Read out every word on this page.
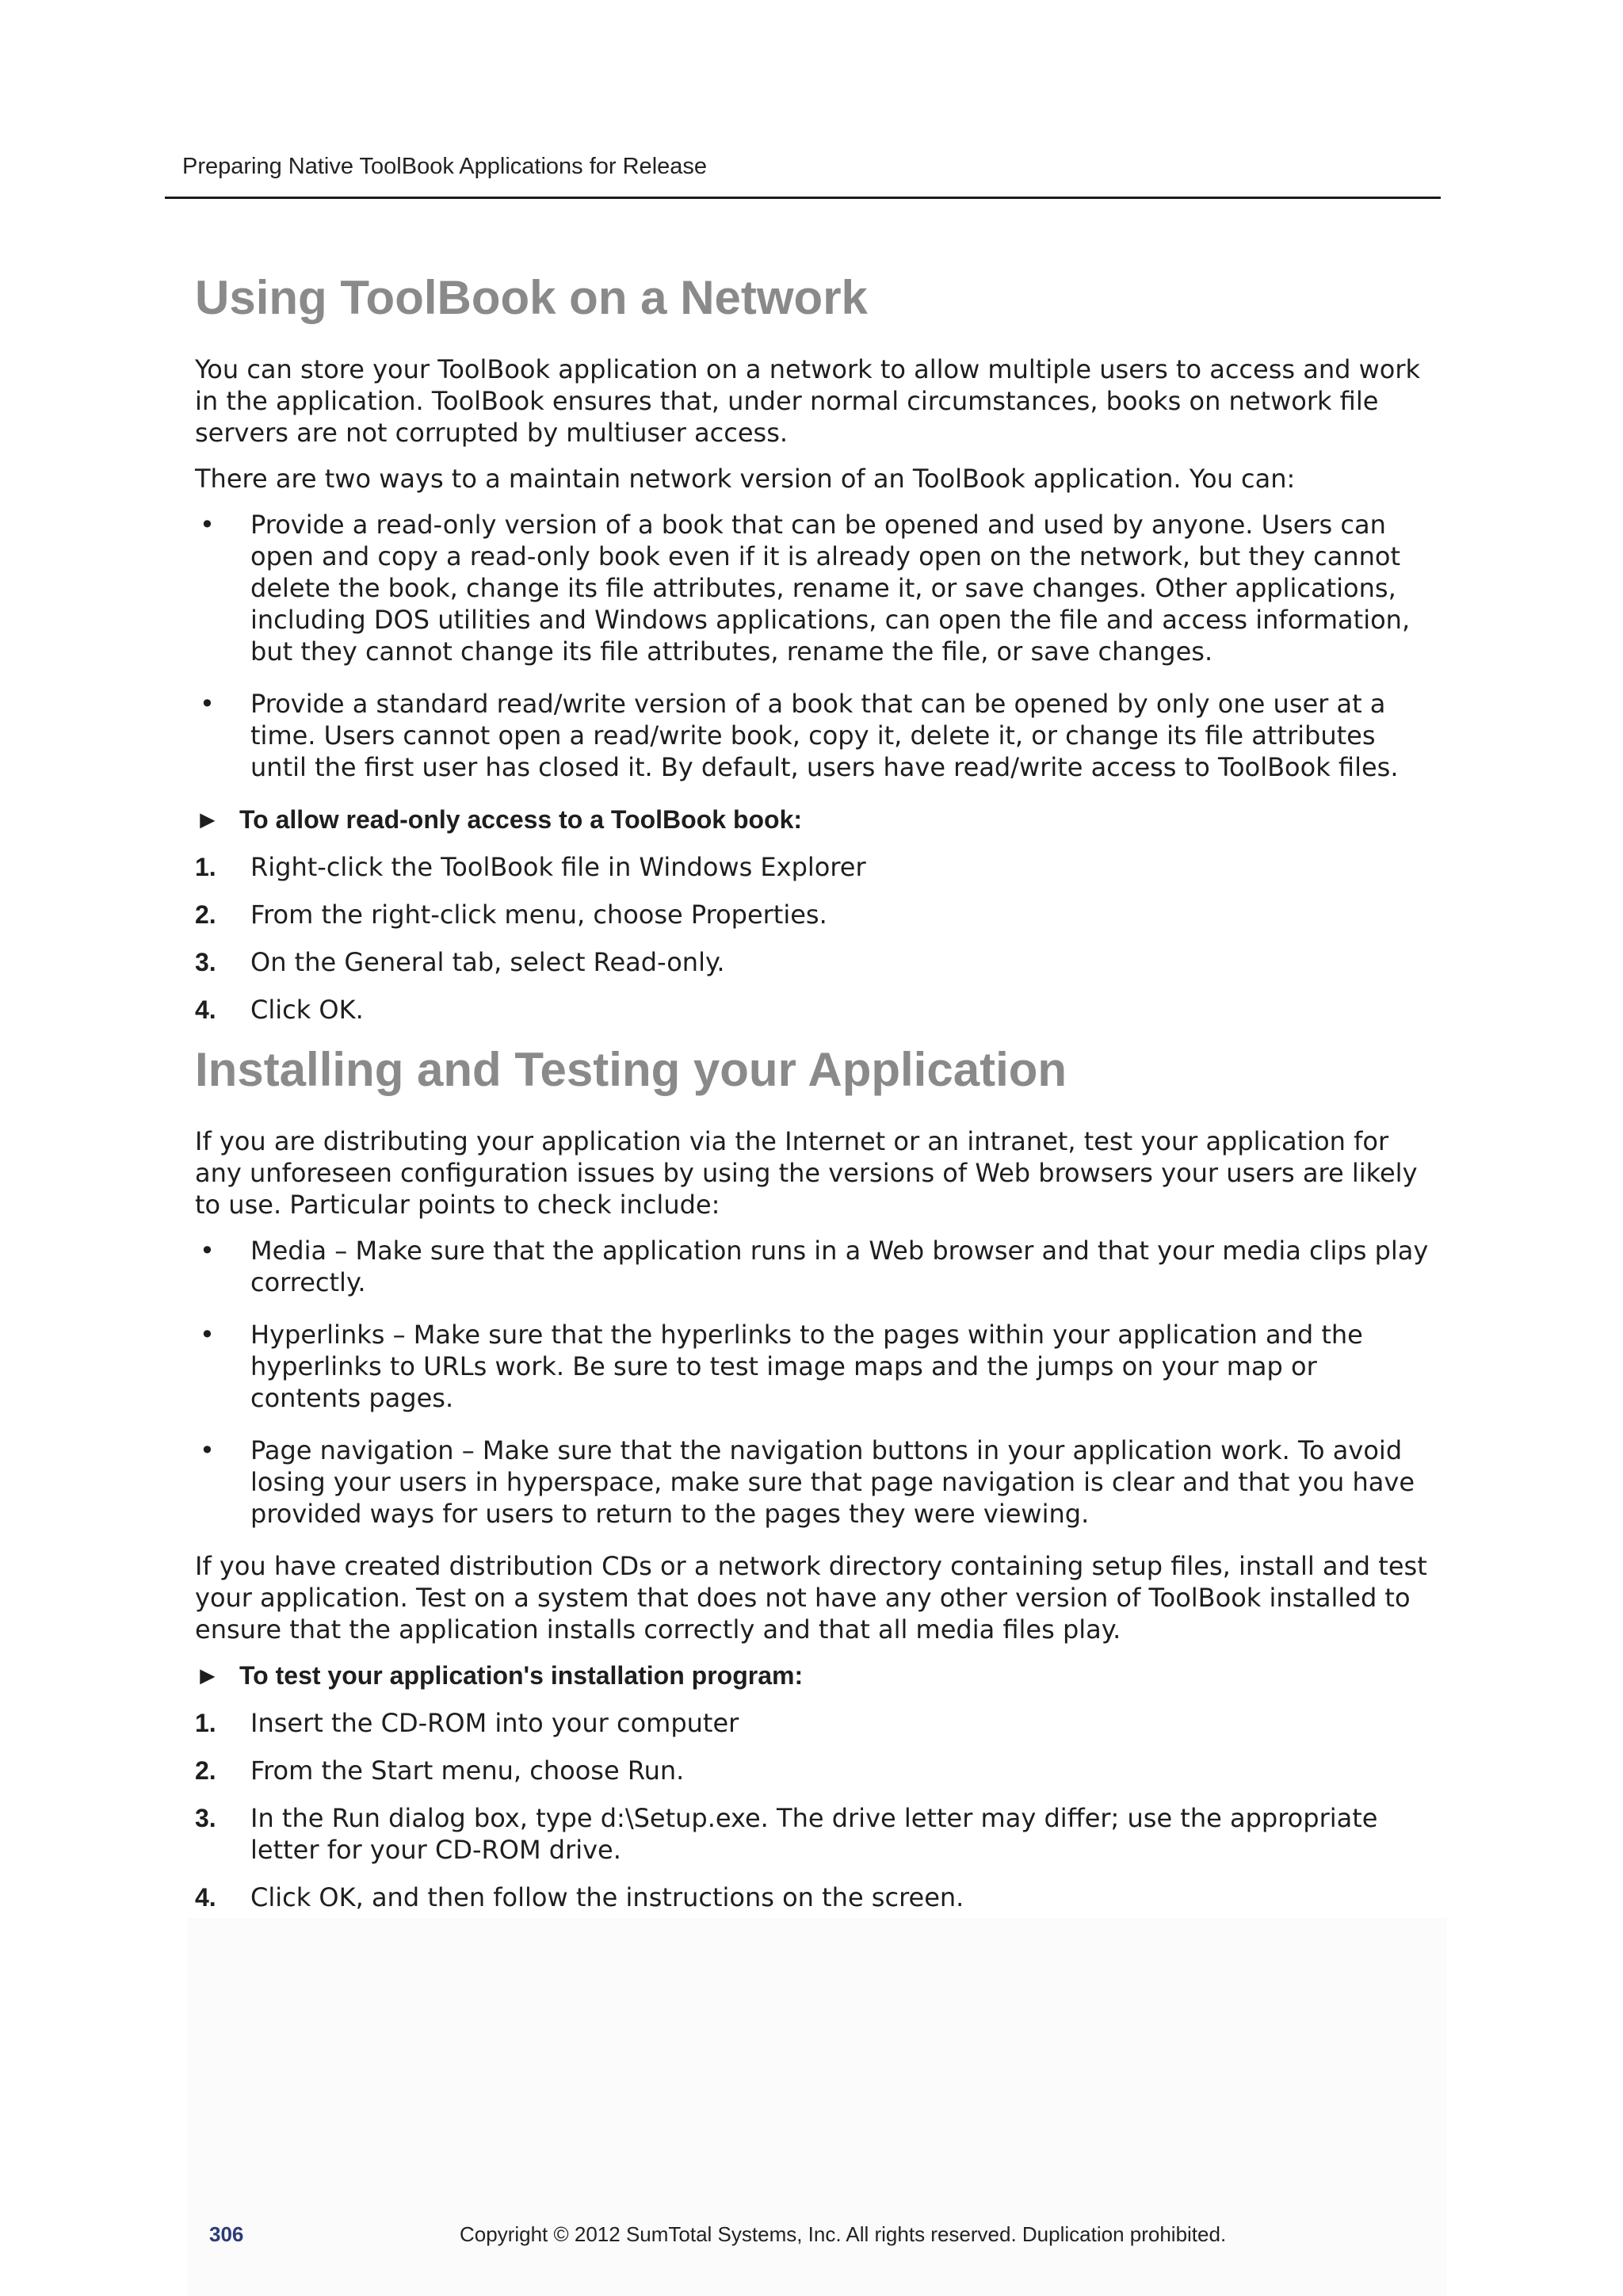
Preparing Native ToolBook Applications for Release
Using ToolBook on a Network

You can store your ToolBook application on a network to allow multiple users to access and work in the application. ToolBook ensures that, under normal circumstances, books on network file servers are not corrupted by multiuser access.

There are two ways to a maintain network version of an ToolBook application. You can:

• Provide a read-only version of a book that can be opened and used by anyone. Users can open and copy a read-only book even if it is already open on the network, but they cannot delete the book, change its file attributes, rename it, or save changes. Other applications, including DOS utilities and Windows applications, can open the file and access information, but they cannot change its file attributes, rename the file, or save changes.
• Provide a standard read/write version of a book that can be opened by only one user at a time. Users cannot open a read/write book, copy it, delete it, or change its file attributes until the first user has closed it. By default, users have read/write access to ToolBook files.
► To allow read-only access to a ToolBook book:
1. Right-click the ToolBook file in Windows Explorer
2. From the right-click menu, choose Properties.
3. On the General tab, select Read-only.
4. Click OK.
Installing and Testing your Application

If you are distributing your application via the Internet or an intranet, test your application for any unforeseen configuration issues by using the versions of Web browsers your users are likely to use. Particular points to check include:

• Media – Make sure that the application runs in a Web browser and that your media clips play correctly.
• Hyperlinks – Make sure that the hyperlinks to the pages within your application and the hyperlinks to URLs work. Be sure to test image maps and the jumps on your map or contents pages.
• Page navigation – Make sure that the navigation buttons in your application work. To avoid losing your users in hyperspace, make sure that page navigation is clear and that you have provided ways for users to return to the pages they were viewing.

If you have created distribution CDs or a network directory containing setup files, install and test your application. Test on a system that does not have any other version of ToolBook installed to ensure that the application installs correctly and that all media files play.

► To test your application's installation program:
1. Insert the CD-ROM into your computer
2. From the Start menu, choose Run.
3. In the Run dialog box, type d:\Setup.exe. The drive letter may differ; use the appropriate letter for your CD-ROM drive.
4. Click OK, and then follow the instructions on the screen.
306	Copyright © 2012 SumTotal Systems, Inc. All rights reserved. Duplication prohibited.
